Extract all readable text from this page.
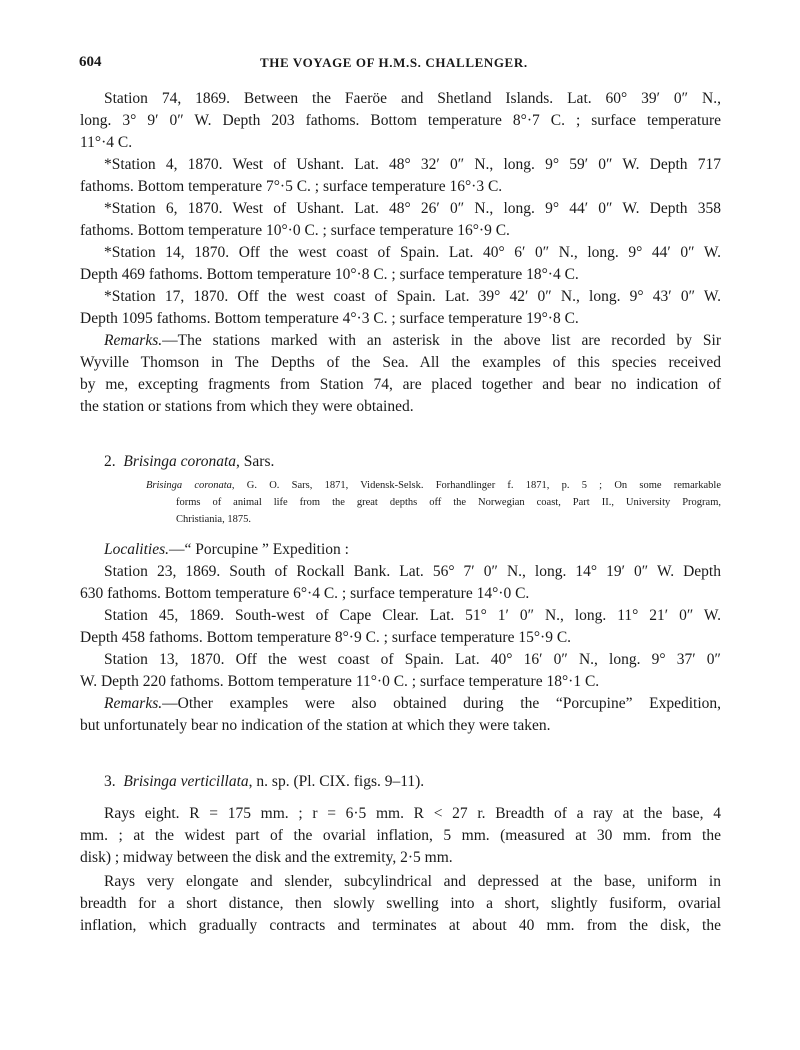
604	THE VOYAGE OF H.M.S. CHALLENGER.
Station 74, 1869. Between the Faeröe and Shetland Islands. Lat. 60° 39′ 0″ N.,
long. 3° 9′ 0″ W. Depth 203 fathoms. Bottom temperature 8°·7 C. ; surface temperature
11°·4 C.
*Station 4, 1870. West of Ushant. Lat. 48° 32′ 0″ N., long. 9° 59′ 0″ W. Depth 717
fathoms. Bottom temperature 7°·5 C. ; surface temperature 16°·3 C.
*Station 6, 1870. West of Ushant. Lat. 48° 26′ 0″ N., long. 9° 44′ 0″ W. Depth 358
fathoms. Bottom temperature 10°·0 C. ; surface temperature 16°·9 C.
*Station 14, 1870. Off the west coast of Spain. Lat. 40° 6′ 0″ N., long. 9° 44′ 0″ W.
Depth 469 fathoms. Bottom temperature 10°·8 C. ; surface temperature 18°·4 C.
*Station 17, 1870. Off the west coast of Spain. Lat. 39° 42′ 0″ N., long. 9° 43′ 0″ W.
Depth 1095 fathoms. Bottom temperature 4°·3 C. ; surface temperature 19°·8 C.
Remarks.—The stations marked with an asterisk in the above list are recorded by Sir
Wyville Thomson in The Depths of the Sea. All the examples of this species received
by me, excepting fragments from Station 74, are placed together and bear no indication of
the station or stations from which they were obtained.
2. Brisinga coronata, Sars.
Brisinga coronata, G. O. Sars, 1871, Vidensk-Selsk. Forhandlinger f. 1871, p. 5 ; On some remarkable
forms of animal life from the great depths off the Norwegian coast, Part II., University Program,
Christiania, 1875.
Localities.—“ Porcupine ” Expedition :
Station 23, 1869. South of Rockall Bank. Lat. 56° 7′ 0″ N., long. 14° 19′ 0″ W. Depth
630 fathoms. Bottom temperature 6°·4 C. ; surface temperature 14°·0 C.
Station 45, 1869. South-west of Cape Clear. Lat. 51° 1′ 0″ N., long. 11° 21′ 0″ W.
Depth 458 fathoms. Bottom temperature 8°·9 C. ; surface temperature 15°·9 C.
Station 13, 1870. Off the west coast of Spain. Lat. 40° 16′ 0″ N., long. 9° 37′ 0″
W. Depth 220 fathoms. Bottom temperature 11°·0 C. ; surface temperature 18°·1 C.
Remarks.—Other examples were also obtained during the “Porcupine” Expedition,
but unfortunately bear no indication of the station at which they were taken.
3. Brisinga verticillata, n. sp. (Pl. CIX. figs. 9–11).
Rays eight. R = 175 mm. ; r = 6·5 mm. R < 27 r. Breadth of a ray at the base, 4
mm. ; at the widest part of the ovarial inflation, 5 mm. (measured at 30 mm. from the
disk) ; midway between the disk and the extremity, 2·5 mm.
Rays very elongate and slender, subcylindrical and depressed at the base, uniform in
breadth for a short distance, then slowly swelling into a short, slightly fusiform, ovarial
inflation, which gradually contracts and terminates at about 40 mm. from the disk, the
